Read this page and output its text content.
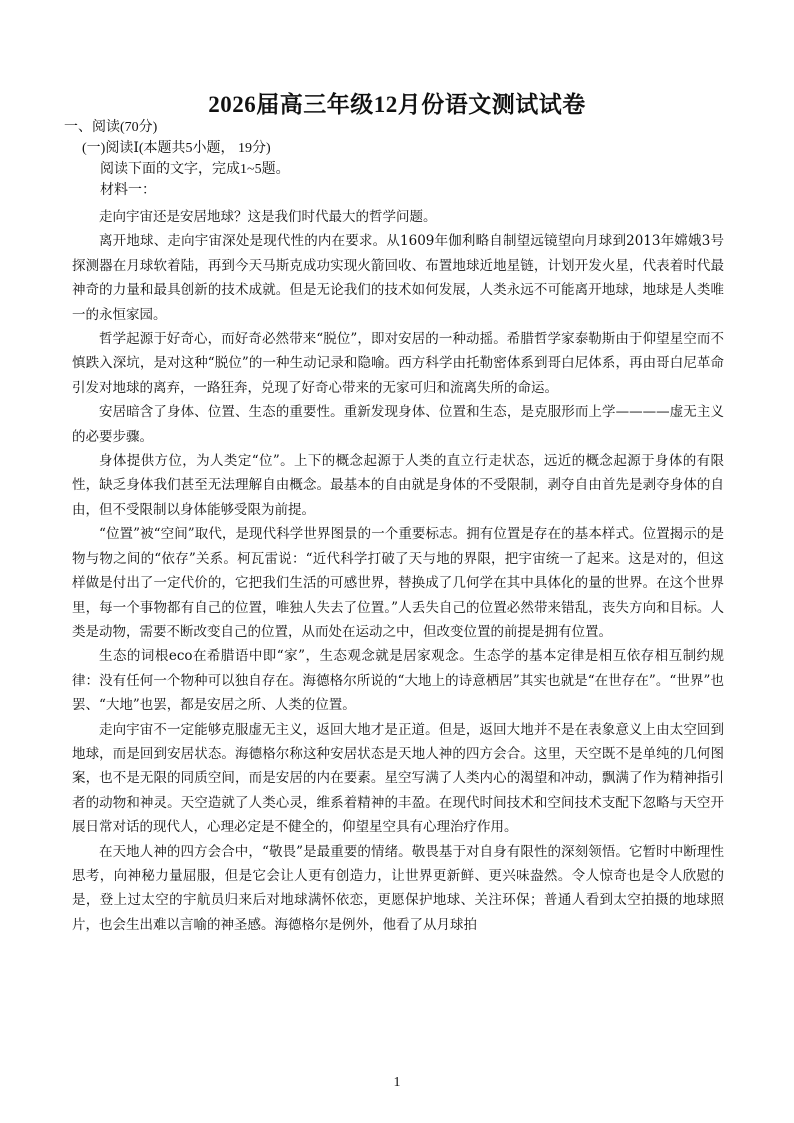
2026届高三年级12月份语文测试试卷
一、阅读(70分)
(一)阅读Ⅰ(本题共5小题， 19分)
阅读下面的文字，完成1~5题。
材料一：

走向宇宙还是安居地球？这是我们时代最大的哲学问题。

离开地球、走向宇宙深处是现代性的内在要求。从1609年伽利略自制望远镜望向月球到2013年嫦娥3号探测器在月球软着陆，再到今天马斯克成功实现火箭回收、布置地球近地星链，计划开发火星，代表着时代最神奇的力量和最具创新的技术成就。但是无论我们的技术如何发展，人类永远不可能离开地球，地球是人类唯一的永恒家园。

哲学起源于好奇心，而好奇必然带来“脱位”，即对安居的一种动摇。希腊哲学家泰勒斯由于仰望星空而不慎跌入深坑，是对这种“脱位”的一种生动记录和隐喻。西方科学由托勒密体系到哥白尼体系，再由哥白尼革命引发对地球的离弃，一路狂奔，兑现了好奇心带来的无家可归和流离失所的命运。

安居暗含了身体、位置、生态的重要性。重新发现身体、位置和生态，是克服形而上学————虚无主义的必要步骤。

身体提供方位，为人类定“位”。上下的概念起源于人类的直立行走状态，远近的概念起源于身体的有限性，缺乏身体我们甚至无法理解自由概念。最基本的自由就是身体的不受限制，剥夺自由首先是剥夺身体的自由，但不受限制以身体能够受限为前提。

“位置”被“空间”取代，是现代科学世界图景的一个重要标志。拥有位置是存在的基本样式。位置揭示的是物与物之间的“依存”关系。柯瓦雷说：“近代科学打破了天与地的界限，把宇宙统一了起来。这是对的，但这样做是付出了一定代价的，它把我们生活的可感世界，替换成了几何学在其中具体化的量的世界。在这个世界里，每一个事物都有自己的位置，唯独人失去了位置。”人丢失自己的位置必然带来错乱，丧失方向和目标。人类是动物，需要不断改变自己的位置，从而处在运动之中，但改变位置的前提是拥有位置。

生态的词根eco在希腊语中即“家”，生态观念就是居家观念。生态学的基本定律是相互依存相互制约规律：没有任何一个物种可以独自存在。海德格尔所说的“大地上的诗意栖居”其实也就是“在世存在”。“世界”也罢、“大地”也罢，都是安居之所、人类的位置。

走向宇宙不一定能够克服虚无主义，返回大地才是正道。但是，返回大地并不是在表象意义上由太空回到地球，而是回到安居状态。海德格尔称这种安居状态是天地人神的四方会合。这里，天空既不是单纯的几何图案，也不是无限的同质空间，而是安居的内在要素。星空写满了人类内心的渴望和冲动，飘满了作为精神指引者的动物和神灵。天空造就了人类心灵，维系着精神的丰盈。在现代时间技术和空间技术支配下忽略与天空开展日常对话的现代人，心理必定是不健全的，仰望星空具有心理治疗作用。

在天地人神的四方会合中，“敬畏”是最重要的情绪。敬畏基于对自身有限性的深刻领悟。它暂时中断理性思考，向神秘力量屈服，但是它会让人更有创造力，让世界更新鲜、更兴味盎然。令人惊奇也是令人欣慰的是，登上过太空的宇航员归来后对地球满怀依恋，更愿保护地球、关注环保；普通人看到太空拍摄的地球照片，也会生出难以言喻的神圣感。海德格尔是例外，他看了从月球拍

1
